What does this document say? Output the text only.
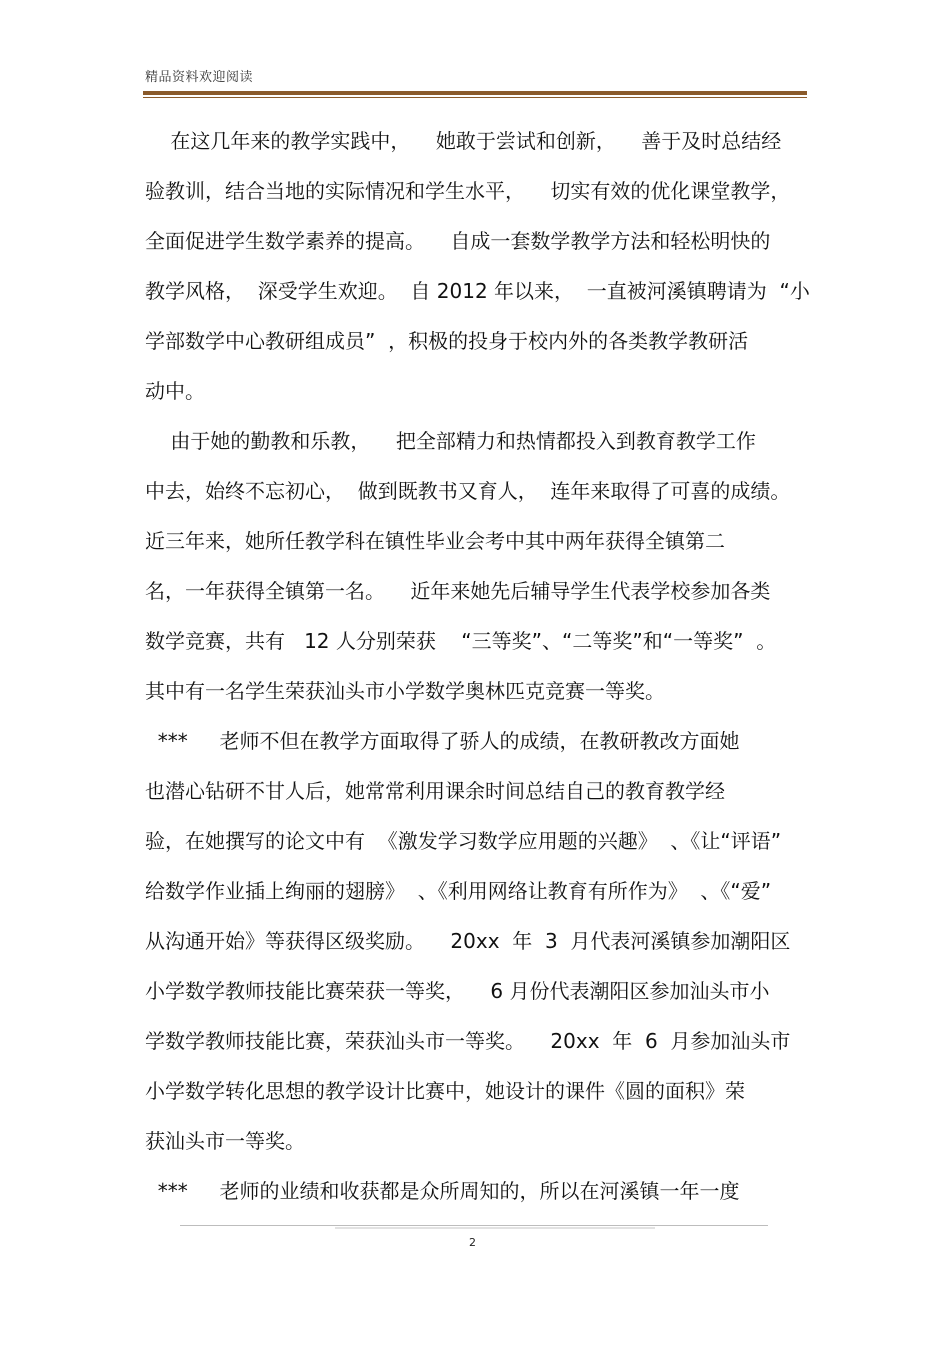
精品资料欢迎阅读
在这几年来的教学实践中，    她敢于尝试和创新，    善于及时总结经
验教训，结合当地的实际情况和学生水平，    切实有效的优化课堂教学，
全面促进学生数学素养的提高。    自成一套数学教学方法和轻松明快的
教学风格，  深受学生欢迎。  自 2012 年以来，  一直被河溪镇聘请为  “小
学部数学中心教研组成员”  ，积极的投身于校内外的各类教学教研活
动中。
由于她的勤教和乐教，    把全部精力和热情都投入到教育教学工作
中去，始终不忘初心，  做到既教书又育人，  连年来取得了可喜的成绩。
近三年来，她所任教学科在镇性毕业会考中其中两年获得全镇第二
名，一年获得全镇第一名。    近年来她先后辅导学生代表学校参加各类
数学竞赛，共有   12 人分别荣获    “三等奖”、“二等奖”和“一等奖”  。
其中有一名学生荣获汕头市小学数学奥林匹克竞赛一等奖。
***     老师不但在教学方面取得了骄人的成绩，在教研教改方面她
也潜心钻研不甘人后，她常常利用课余时间总结自己的教育教学经
验，在她撰写的论文中有  《激发学习数学应用题的兴趣》  、《让“评语”
给数学作业插上绚丽的翅膀》  、《利用网络让教育有所作为》  、《“爱”
从沟通开始》等获得区级奖励。    20xx  年  3  月代表河溪镇参加潮阳区
小学数学教师技能比赛荣获一等奖，    6 月份代表潮阳区参加汕头市小
学数学教师技能比赛，荣获汕头市一等奖。    20xx  年  6  月参加汕头市
小学数学转化思想的教学设计比赛中，她设计的课件《圆的面积》荣
获汕头市一等奖。
***     老师的业绩和收获都是众所周知的，所以在河溪镇一年一度
2
